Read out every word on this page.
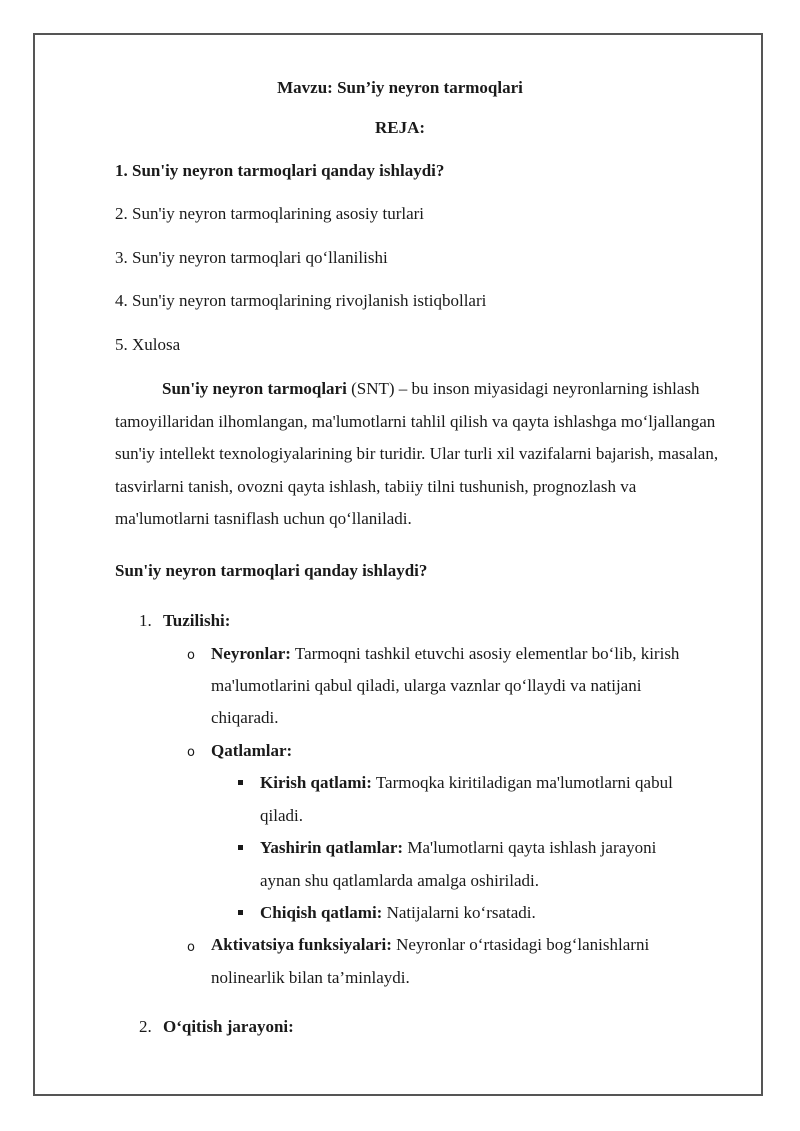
Mavzu: Sun’iy neyron tarmoqlari
REJA:
1. Sun'iy neyron tarmoqlari qanday ishlaydi?
2. Sun'iy neyron tarmoqlarining asosiy turlari
3. Sun'iy neyron tarmoqlari qo‘llanilishi
4. Sun'iy neyron tarmoqlarining rivojlanish istiqbollari
5. Xulosa
Sun'iy neyron tarmoqlari (SNT) – bu inson miyasidagi neyronlarning ishlash tamoyillaridan ilhomlangan, ma'lumotlarni tahlil qilish va qayta ishlashga mo‘ljallangan sun'iy intellekt texnologiyalarining bir turidir. Ular turli xil vazifalarni bajarish, masalan, tasvirlarni tanish, ovozni qayta ishlash, tabiiy tilni tushunish, prognozlash va ma'lumotlarni tasniflash uchun qo‘llaniladi.
Sun'iy neyron tarmoqlari qanday ishlaydi?
1. Tuzilishi:
o Neyronlar: Tarmoqni tashkil etuvchi asosiy elementlar bo‘lib, kirish
ma'lumotlarini qabul qiladi, ularga vaznlar qo‘llaydi va natijani
chiqaradi.
o Qatlamlar:
Kirish qatlami: Tarmoqka kiritiladigan ma'lumotlarni qabul
qiladi.
Yashirin qatlamlar: Ma'lumotlarni qayta ishlash jarayoni
aynan shu qatlamlarda amalga oshiriladi.
Chiqish qatlami: Natijalarni ko‘rsatadi.
o Aktivatsiya funksiyalari: Neyronlar o‘rtasidagi bog‘lanishlarni
nolinearlik bilan ta’minlaydi.
2. O‘qitish jarayoni:
